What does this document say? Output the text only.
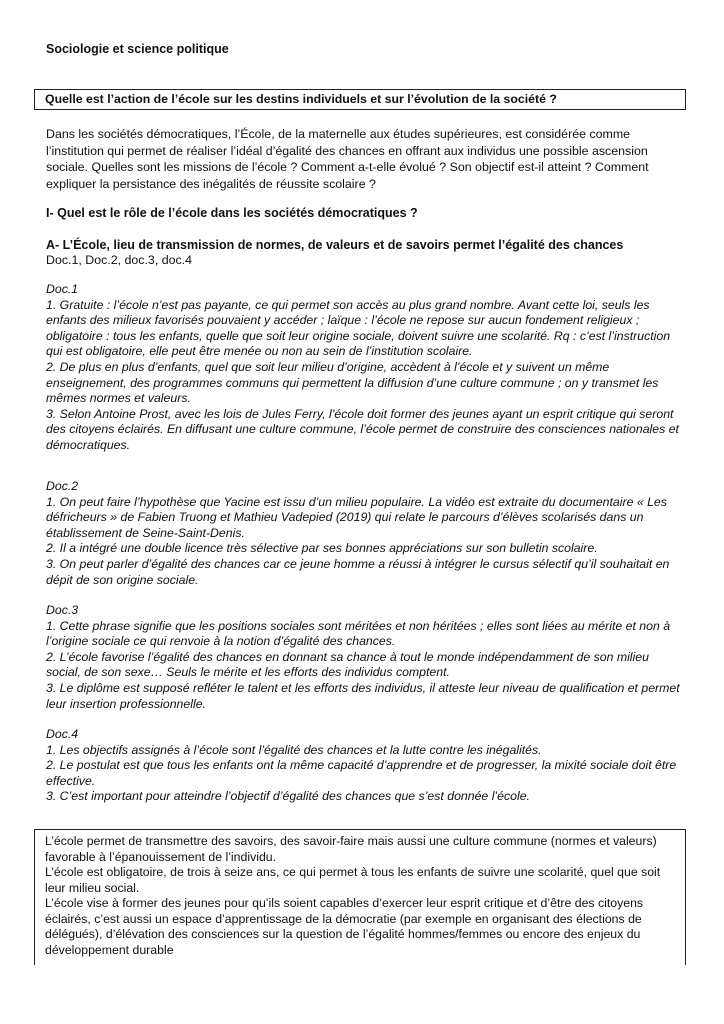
Sociologie et science politique
Quelle est l’action de l’école sur les destins individuels et sur l’évolution de la société ?

Dans les sociétés démocratiques, l’École, de la maternelle aux études supérieures, est considérée comme l’institution qui permet de réaliser l’idéal d’égalité des chances en offrant aux individus une possible ascension sociale. Quelles sont les missions de l’école ? Comment a-t-elle évolué ? Son objectif est-il atteint ? Comment expliquer la persistance des inégalités de réussite scolaire ?

I- Quel est le rôle de l’école dans les sociétés démocratiques ?
A- L’École, lieu de transmission de normes, de valeurs et de savoirs permet l’égalité des chances
Doc.1, Doc.2, doc.3, doc.4

Doc.1

1. Gratuite : l’école n’est pas payante, ce qui permet son accès au plus grand nombre. Avant cette loi, seuls les enfants des milieux favorisés pouvaient y accéder ; laïque : l’école ne repose sur aucun fondement religieux ; obligatoire : tous les enfants, quelle que soit leur origine sociale, doivent suivre une scolarité. Rq : c’est l’instruction qui est obligatoire, elle peut être menée ou non au sein de l’institution scolaire.

2. De plus en plus d’enfants, quel que soit leur milieu d’origine, accèdent à l’école et y suivent un même enseignement, des programmes communs qui permettent la diffusion d’une culture commune ; on y transmet les mêmes normes et valeurs.

3. Selon Antoine Prost, avec les lois de Jules Ferry, l’école doit former des jeunes ayant un esprit critique qui seront des citoyens éclairés. En diffusant une culture commune, l’école permet de construire des consciences nationales et démocratiques.

Doc.2

1. On peut faire l’hypothèse que Yacine est issu d’un milieu populaire. La vidéo est extraite du documentaire « Les défricheurs » de Fabien Truong et Mathieu Vadepied (2019) qui relate le parcours d’élèves scolarisés dans un établissement de Seine-Saint-Denis.

2. Il a intégré une double licence très sélective par ses bonnes appréciations sur son bulletin scolaire.

3. On peut parler d’égalité des chances car ce jeune homme a réussi à intégrer le cursus sélectif qu’il souhaitait en dépit de son origine sociale.

Doc.3

1. Cette phrase signifie que les positions sociales sont méritées et non héritées ; elles sont liées au mérite et non à l’origine sociale ce qui renvoie à la notion d’égalité des chances.

2. L’école favorise l’égalité des chances en donnant sa chance à tout le monde indépendamment de son milieu social, de son sexe… Seuls le mérite et les efforts des individus comptent.

3. Le diplôme est supposé refléter le talent et les efforts des individus, il atteste leur niveau de qualification et permet leur insertion professionnelle.

Doc.4

1. Les objectifs assignés à l’école sont l’égalité des chances et la lutte contre les inégalités.

2. Le postulat est que tous les enfants ont la même capacité d’apprendre et de progresser, la mixité sociale doit être effective.

3. C’est important pour atteindre l’objectif d’égalité des chances que s’est donnée l’école.

L’école permet de transmettre des savoirs, des savoir-faire mais aussi une culture commune (normes et valeurs) favorable à l’épanouissement de l’individu.

L’école est obligatoire, de trois à seize ans, ce qui permet à tous les enfants de suivre une scolarité, quel que soit leur milieu social.

L’école vise à former des jeunes pour qu’ils soient capables d’exercer leur esprit critique et d’être des citoyens éclairés, c’est aussi un espace d’apprentissage de la démocratie (par exemple en organisant des élections de délégués), d’élévation des consciences sur la question de l’égalité hommes/femmes ou encore des enjeux du développement durable
